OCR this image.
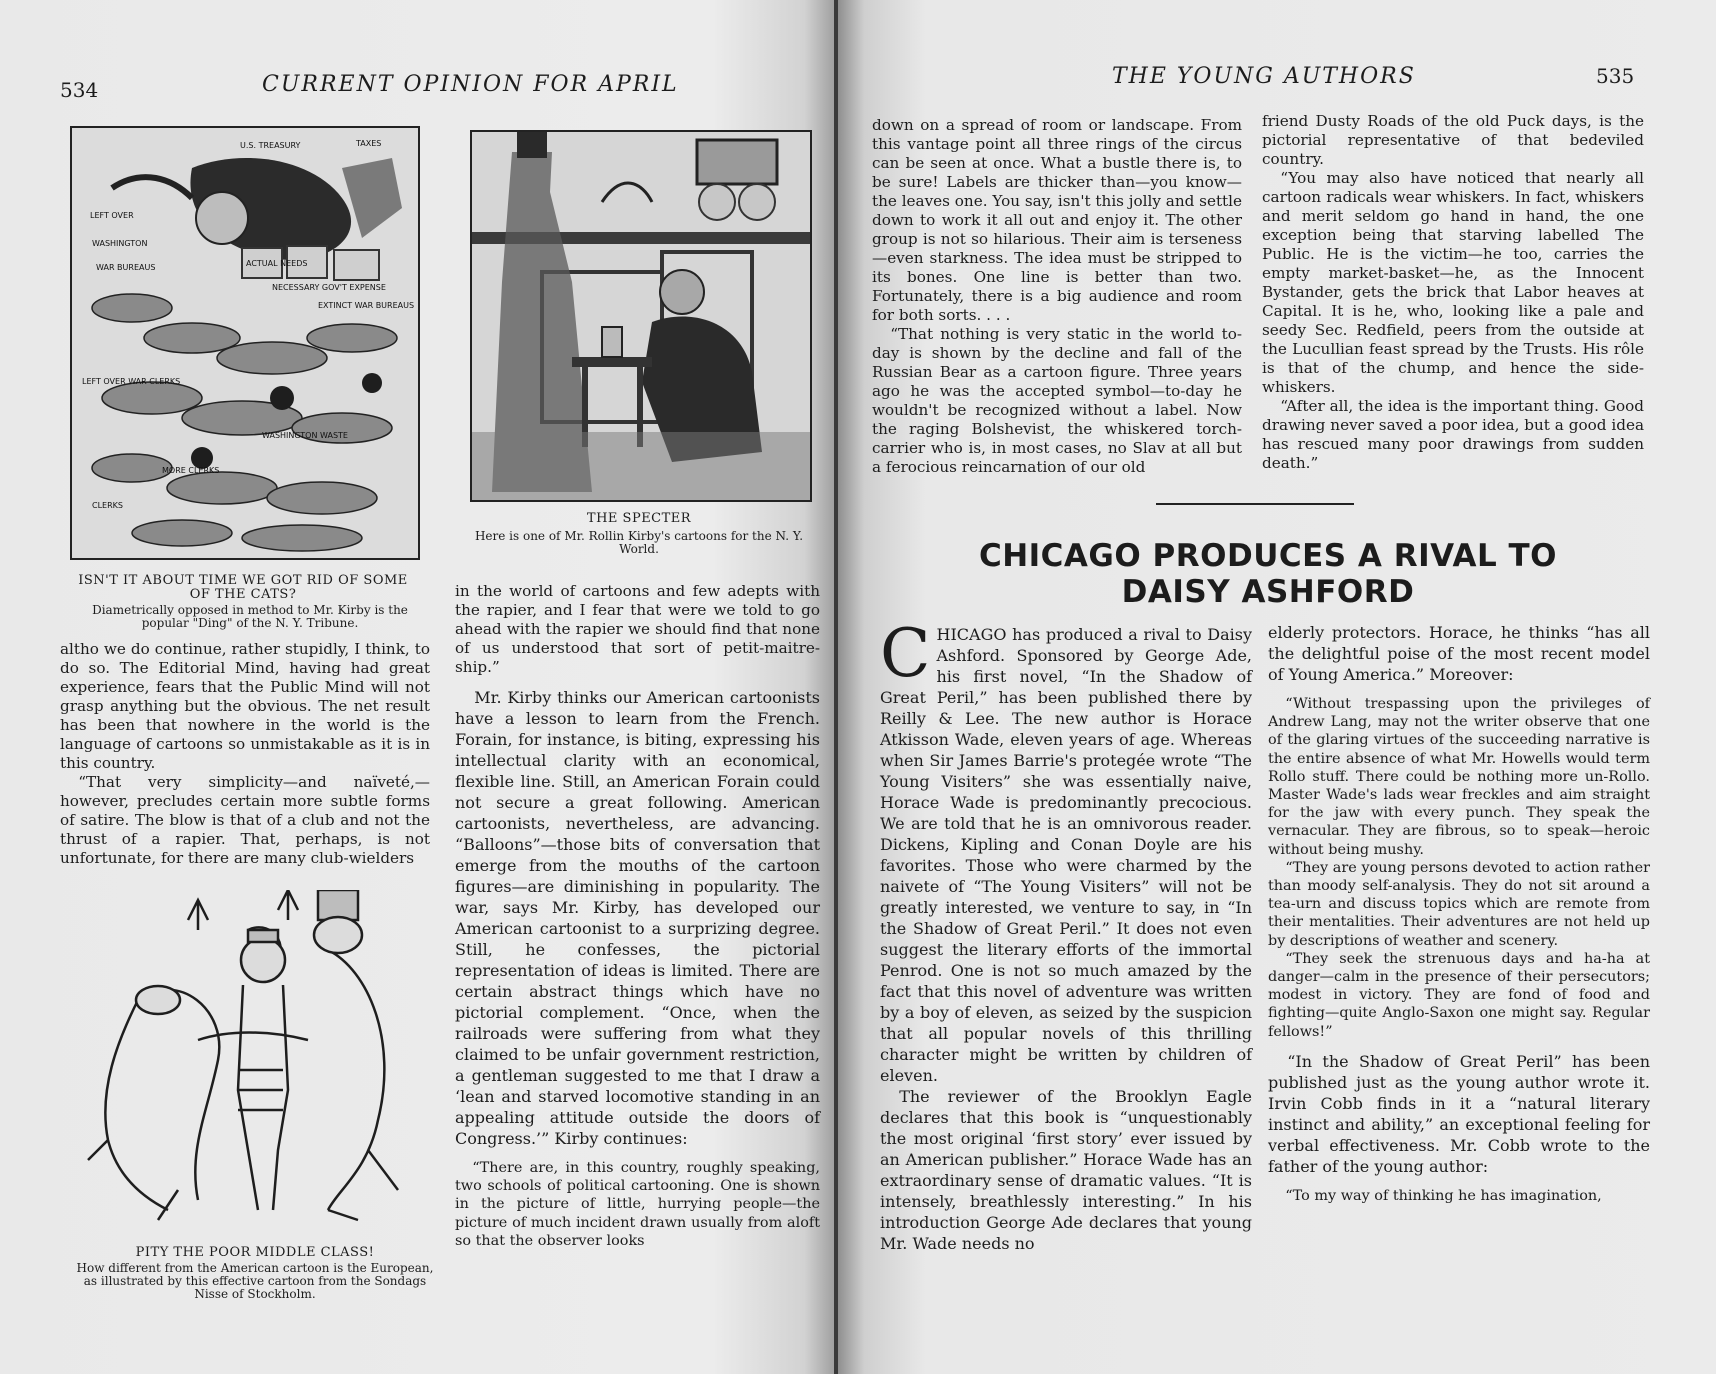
534	CURRENT OPINION FOR APRIL
U.S. TREASURY	TAXES
LEFT OVER
WASHINGTON
WAR BUREAUS	ACTUAL NEEDS
NECESSARY GOV'T EXPENSE
EXTINCT WAR BUREAUS
LEFT OVER WAR CLERKS
MORE CLERKS
CLERKS
WASHINGTON WASTE
ISN'T IT ABOUT TIME WE GOT RID OF SOME OF THE CATS?
Diametrically opposed in method to Mr. Kirby is the popular "Ding" of the N. Y. Tribune.
THE SPECTER
Here is one of Mr. Rollin Kirby's cartoons for the N. Y. World.

altho we do continue, rather stupidly, I think, to do so. The Editorial Mind, having had great experience, fears that the Public Mind will not grasp anything but the obvious. The net result has been that nowhere in the world is the language of cartoons so unmistakable as it is in this country.

“That very simplicity—and naïveté,—however, precludes certain more subtle forms of satire. The blow is that of a club and not the thrust of a rapier. That, perhaps, is not unfortunate, for there are many club-wielders

PITY THE POOR MIDDLE CLASS!
How different from the American cartoon is the European, as illustrated by this effective cartoon from the Sondags Nisse of Stockholm.

in the world of cartoons and few adepts with the rapier, and I fear that were we told to go ahead with the rapier we should find that none of us understood that sort of petit-maitre-ship.”

Mr. Kirby thinks our American cartoonists have a lesson to learn from the French. Forain, for instance, is biting, expressing his intellectual clarity with an economical, flexible line. Still, an American Forain could not secure a great following. American cartoonists, nevertheless, are advancing. “Balloons”—those bits of conversation that emerge from the mouths of the cartoon figures—are diminishing in popularity. The war, says Mr. Kirby, has developed our American cartoonist to a surprizing degree. Still, he confesses, the pictorial representation of ideas is limited. There are certain abstract things which have no pictorial complement. “Once, when the railroads were suffering from what they claimed to be unfair government restriction, a gentleman suggested to me that I draw a ‘lean and starved locomotive standing in an appealing attitude outside the doors of Congress.’” Kirby continues:

“There are, in this country, roughly speaking, two schools of political cartooning. One is shown in the picture of little, hurrying people—the picture of much incident drawn usually from aloft so that the observer looks

THE YOUNG AUTHORS	535

down on a spread of room or landscape. From this vantage point all three rings of the circus can be seen at once. What a bustle there is, to be sure! Labels are thicker than—you know—the leaves one. You say, isn't this jolly and settle down to work it all out and enjoy it. The other group is not so hilarious. Their aim is terseness—even starkness. The idea must be stripped to its bones. One line is better than two. Fortunately, there is a big audience and room for both sorts. . . .

“That nothing is very static in the world to-day is shown by the decline and fall of the Russian Bear as a cartoon figure. Three years ago he was the accepted symbol—to-day he wouldn't be recognized without a label. Now the raging Bolshevist, the whiskered torch-carrier who is, in most cases, no Slav at all but a ferocious reincarnation of our old

friend Dusty Roads of the old Puck days, is the pictorial representative of that bedeviled country.

“You may also have noticed that nearly all cartoon radicals wear whiskers. In fact, whiskers and merit seldom go hand in hand, the one exception being that starving labelled The Public. He is the victim—he too, carries the empty market-basket—he, as the Innocent Bystander, gets the brick that Labor heaves at Capital. It is he, who, looking like a pale and seedy Sec. Redfield, peers from the outside at the Lucullian feast spread by the Trusts. His rôle is that of the chump, and hence the side-whiskers.

“After all, the idea is the important thing. Good drawing never saved a poor idea, but a good idea has rescued many poor drawings from sudden death.”

CHICAGO PRODUCES A RIVAL TO
DAISY ASHFORD

CHICAGO has produced a rival to Daisy Ashford. Sponsored by George Ade, his first novel, “In the Shadow of Great Peril,” has been published there by Reilly & Lee. The new author is Horace Atkisson Wade, eleven years of age. Whereas when Sir James Barrie's protegée wrote “The Young Visiters” she was essentially naive, Horace Wade is predominantly precocious. We are told that he is an omnivorous reader. Dickens, Kipling and Conan Doyle are his favorites. Those who were charmed by the naivete of “The Young Visiters” will not be greatly interested, we venture to say, in “In the Shadow of Great Peril.” It does not even suggest the literary efforts of the immortal Penrod. One is not so much amazed by the fact that this novel of adventure was written by a boy of eleven, as seized by the suspicion that all popular novels of this thrilling character might be written by children of eleven.

The reviewer of the Brooklyn Eagle declares that this book is “unquestionably the most original ‘first story’ ever issued by an American publisher.” Horace Wade has an extraordinary sense of dramatic values. “It is intensely, breathlessly interesting.” In his introduction George Ade declares that young Mr. Wade needs no

elderly protectors. Horace, he thinks “has all the delightful poise of the most recent model of Young America.” Moreover:

“Without trespassing upon the privileges of Andrew Lang, may not the writer observe that one of the glaring virtues of the succeeding narrative is the entire absence of what Mr. Howells would term Rollo stuff. There could be nothing more un-Rollo. Master Wade's lads wear freckles and aim straight for the jaw with every punch. They speak the vernacular. They are fibrous, so to speak—heroic without being mushy.

“They are young persons devoted to action rather than moody self-analysis. They do not sit around a tea-urn and discuss topics which are remote from their mentalities. Their adventures are not held up by descriptions of weather and scenery.

“They seek the strenuous days and ha-ha at danger—calm in the presence of their persecutors; modest in victory. They are fond of food and fighting—quite Anglo-Saxon one might say. Regular fellows!”

“In the Shadow of Great Peril” has been published just as the young author wrote it. Irvin Cobb finds in it a “natural literary instinct and ability,” an exceptional feeling for verbal effectiveness. Mr. Cobb wrote to the father of the young author:

“To my way of thinking he has imagination,
